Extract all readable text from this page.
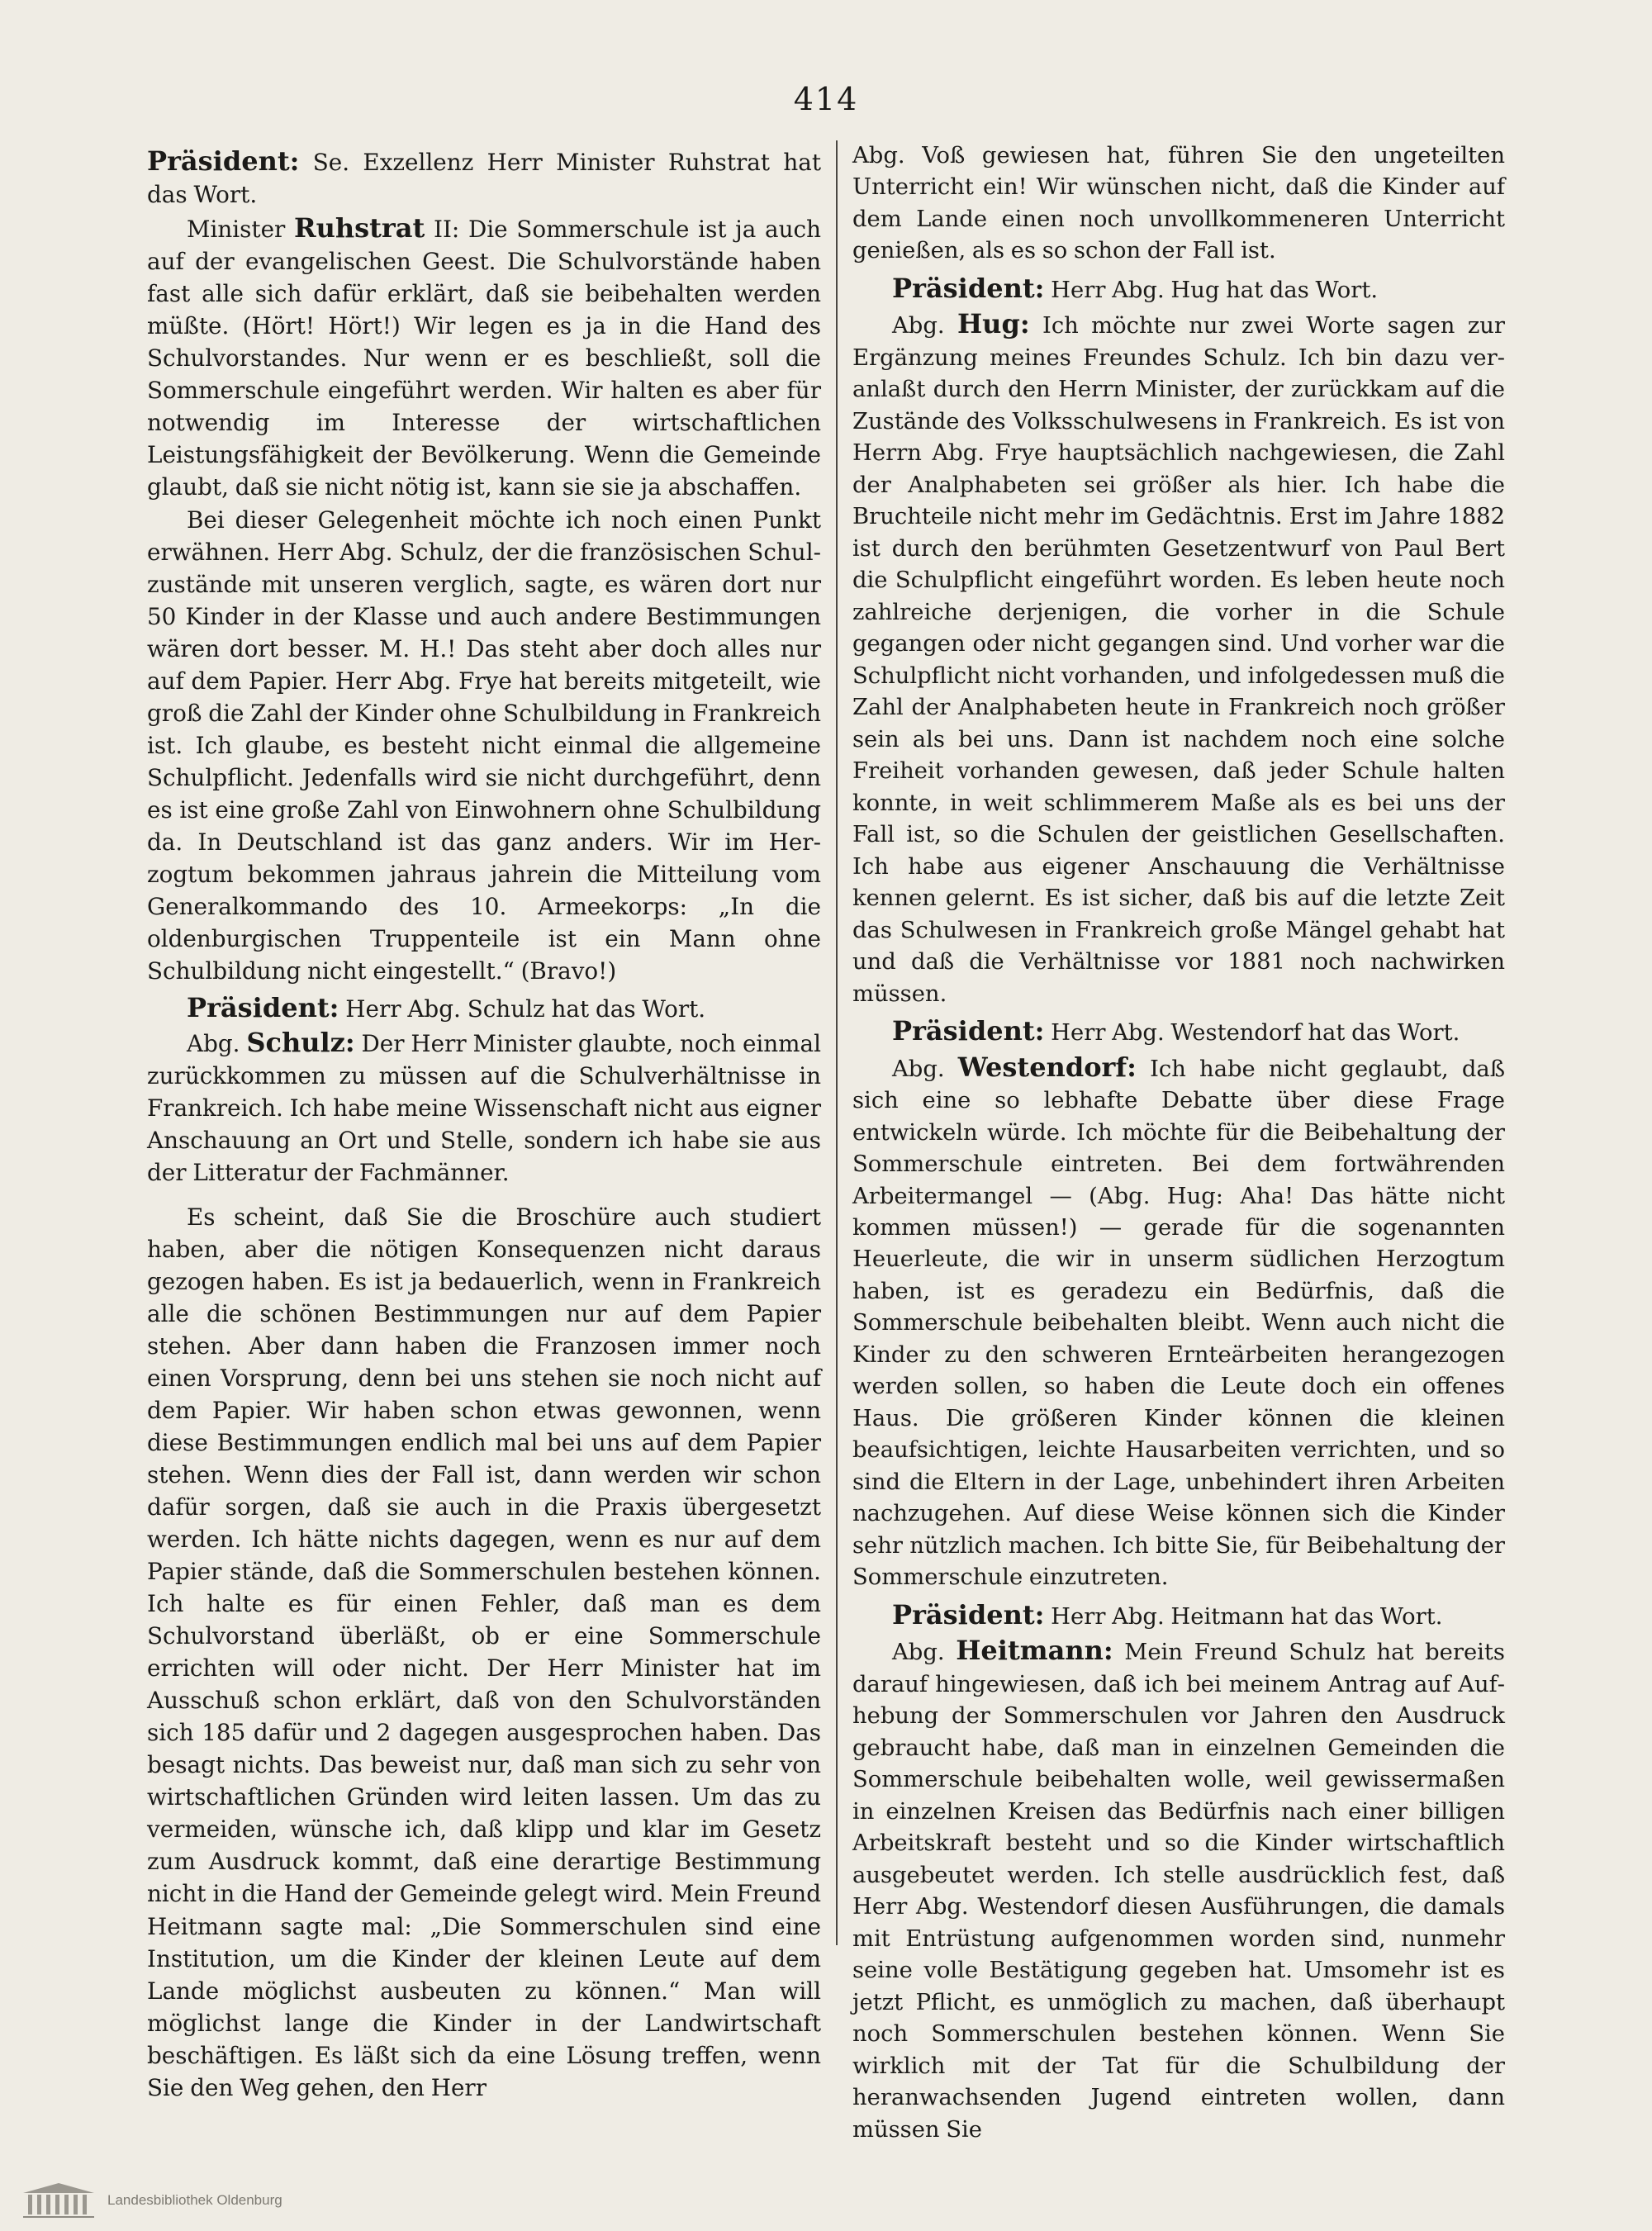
414

Präsident: Se. Exzellenz Herr Minister Ruhstrat hat das Wort.

Minister Ruhstrat II: Die Sommerschule ist ja auch auf der evangelischen Geest. Die Schulvorstände haben fast alle sich dafür erklärt, daß sie beibehalten werden müßte. (Hört! Hört!) Wir legen es ja in die Hand des Schulvorstandes. Nur wenn er es beschließt, soll die Sommerschule eingeführt werden. Wir halten es aber für notwendig im Interesse der wirtschaftlichen Leistungsfähigkeit der Bevölkerung. Wenn die Gemeinde glaubt, daß sie nicht nötig ist, kann sie sie ja abschaffen.

Bei dieser Gelegenheit möchte ich noch einen Punkt erwähnen. Herr Abg. Schulz, der die französischen Schulzustände mit unseren verglich, sagte, es wären dort nur 50 Kinder in der Klasse und auch andere Bestimmungen wären dort besser. M. H.! Das steht aber doch alles nur auf dem Papier. Herr Abg. Frye hat bereits mitgeteilt, wie groß die Zahl der Kinder ohne Schulbildung in Frankreich ist. Ich glaube, es besteht nicht einmal die allgemeine Schulpflicht. Jedenfalls wird sie nicht durchgeführt, denn es ist eine große Zahl von Einwohnern ohne Schulbildung da. In Deutschland ist das ganz anders. Wir im Herzogtum bekommen jahraus jahrein die Mitteilung vom Generalkommando des 10. Armeekorps: „In die oldenburgischen Truppenteile ist ein Mann ohne Schulbildung nicht eingestellt.“ (Bravo!)

Präsident: Herr Abg. Schulz hat das Wort.

Abg. Schulz: Der Herr Minister glaubte, noch einmal zurückkommen zu müssen auf die Schulverhältnisse in Frankreich. Ich habe meine Wissenschaft nicht aus eigner Anschauung an Ort und Stelle, sondern ich habe sie aus der Litteratur der Fachmänner.

Es scheint, daß Sie die Broschüre auch studiert haben, aber die nötigen Konsequenzen nicht daraus gezogen haben. Es ist ja bedauerlich, wenn in Frankreich alle die schönen Bestimmungen nur auf dem Papier stehen. Aber dann haben die Franzosen immer noch einen Vorsprung, denn bei uns stehen sie noch nicht auf dem Papier. Wir haben schon etwas gewonnen, wenn diese Bestimmungen endlich mal bei uns auf dem Papier stehen. Wenn dies der Fall ist, dann werden wir schon dafür sorgen, daß sie auch in die Praxis übergesetzt werden. Ich hätte nichts dagegen, wenn es nur auf dem Papier stände, daß die Sommerschulen bestehen können. Ich halte es für einen Fehler, daß man es dem Schulvorstand überläßt, ob er eine Sommerschule errichten will oder nicht. Der Herr Minister hat im Ausschuß schon erklärt, daß von den Schulvorständen sich 185 dafür und 2 dagegen ausgesprochen haben. Das besagt nichts. Das beweist nur, daß man sich zu sehr von wirtschaftlichen Gründen wird leiten lassen. Um das zu vermeiden, wünsche ich, daß klipp und klar im Gesetz zum Ausdruck kommt, daß eine derartige Bestimmung nicht in die Hand der Gemeinde gelegt wird. Mein Freund Heitmann sagte mal: „Die Sommerschulen sind eine Institution, um die Kinder der kleinen Leute auf dem Lande möglichst ausbeuten zu können.“ Man will möglichst lange die Kinder in der Landwirtschaft beschäftigen. Es läßt sich da eine Lösung treffen, wenn Sie den Weg gehen, den Herr

Abg. Voß gewiesen hat, führen Sie den ungeteilten Unterricht ein! Wir wünschen nicht, daß die Kinder auf dem Lande einen noch unvollkommeneren Unterricht genießen, als es so schon der Fall ist.

Präsident: Herr Abg. Hug hat das Wort.

Abg. Hug: Ich möchte nur zwei Worte sagen zur Ergänzung meines Freundes Schulz. Ich bin dazu veranlaßt durch den Herrn Minister, der zurückkam auf die Zustände des Volksschulwesens in Frankreich. Es ist von Herrn Abg. Frye hauptsächlich nachgewiesen, die Zahl der Analphabeten sei größer als hier. Ich habe die Bruchteile nicht mehr im Gedächtnis. Erst im Jahre 1882 ist durch den berühmten Gesetzentwurf von Paul Bert die Schulpflicht eingeführt worden. Es leben heute noch zahlreiche derjenigen, die vorher in die Schule gegangen oder nicht gegangen sind. Und vorher war die Schulpflicht nicht vorhanden, und infolgedessen muß die Zahl der Analphabeten heute in Frankreich noch größer sein als bei uns. Dann ist nachdem noch eine solche Freiheit vorhanden gewesen, daß jeder Schule halten konnte, in weit schlimmerem Maße als es bei uns der Fall ist, so die Schulen der geistlichen Gesellschaften. Ich habe aus eigener Anschauung die Verhältnisse kennen gelernt. Es ist sicher, daß bis auf die letzte Zeit das Schulwesen in Frankreich große Mängel gehabt hat und daß die Verhältnisse vor 1881 noch nachwirken müssen.

Präsident: Herr Abg. Westendorf hat das Wort.

Abg. Westendorf: Ich habe nicht geglaubt, daß sich eine so lebhafte Debatte über diese Frage entwickeln würde. Ich möchte für die Beibehaltung der Sommerschule eintreten. Bei dem fortwährenden Arbeitermangel — (Abg. Hug: Aha! Das hätte nicht kommen müssen!) — gerade für die sogenannten Heuerleute, die wir in unserm südlichen Herzogtum haben, ist es geradezu ein Bedürfnis, daß die Sommerschule beibehalten bleibt. Wenn auch nicht die Kinder zu den schweren Ernteärbeiten herangezogen werden sollen, so haben die Leute doch ein offenes Haus. Die größeren Kinder können die kleinen beaufsichtigen, leichte Hausarbeiten verrichten, und so sind die Eltern in der Lage, unbehindert ihren Arbeiten nachzugehen. Auf diese Weise können sich die Kinder sehr nützlich machen. Ich bitte Sie, für Beibehaltung der Sommerschule einzutreten.

Präsident: Herr Abg. Heitmann hat das Wort.

Abg. Heitmann: Mein Freund Schulz hat bereits darauf hingewiesen, daß ich bei meinem Antrag auf Aufhebung der Sommerschulen vor Jahren den Ausdruck gebraucht habe, daß man in einzelnen Gemeinden die Sommerschule beibehalten wolle, weil gewissermaßen in einzelnen Kreisen das Bedürfnis nach einer billigen Arbeitskraft besteht und so die Kinder wirtschaftlich ausgebeutet werden. Ich stelle ausdrücklich fest, daß Herr Abg. Westendorf diesen Ausführungen, die damals mit Entrüstung aufgenommen worden sind, nunmehr seine volle Bestätigung gegeben hat. Umsomehr ist es jetzt Pflicht, es unmöglich zu machen, daß überhaupt noch Sommerschulen bestehen können. Wenn Sie wirklich mit der Tat für die Schulbildung der heranwachsenden Jugend eintreten wollen, dann müssen Sie

Landesbibliothek Oldenburg
